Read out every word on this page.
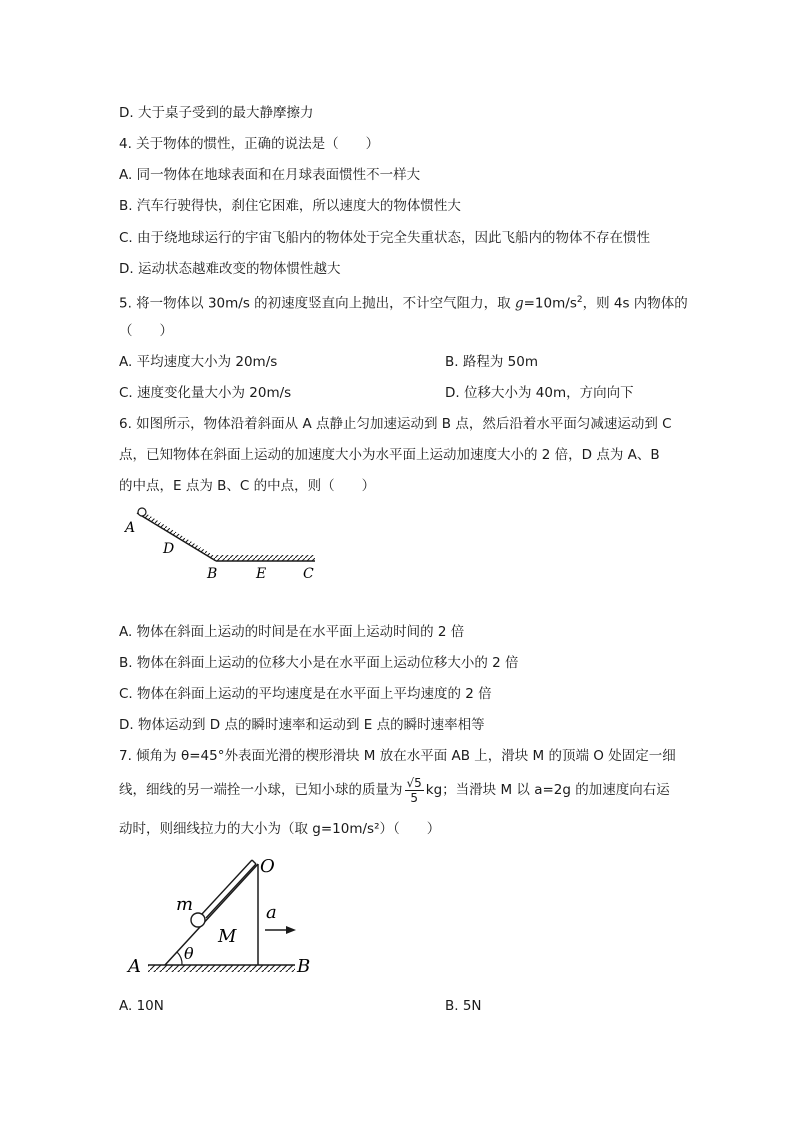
D. 大于桌子受到的最大静摩擦力
4. 关于物体的惯性，正确的说法是（　　）
A. 同一物体在地球表面和在月球表面惯性不一样大
B. 汽车行驶得快，刹住它困难，所以速度大的物体惯性大
C. 由于绕地球运行的宇宙飞船内的物体处于完全失重状态，因此飞船内的物体不存在惯性
D. 运动状态越难改变的物体惯性越大
5. 将一物体以 30m/s 的初速度竖直向上抛出，不计空气阻力，取 $g=10m/s^2$，则 4s 内物体的
（　　）
A. 平均速度大小为 20m/s	B. 路程为 50m
C. 速度变化量大小为 20m/s	D. 位移大小为 40m，方向向下
6. 如图所示，物体沿着斜面从 A 点静止匀加速运动到 B 点，然后沿着水平面匀减速运动到 C
点，已知物体在斜面上运动的加速度大小为水平面上运动加速度大小的 2 倍，D 点为 A、B
的中点，E 点为 B、C 的中点，则（　　）
A
D
B	E	C
A. 物体在斜面上运动的时间是在水平面上运动时间的 2 倍
B. 物体在斜面上运动的位移大小是在水平面上运动位移大小的 2 倍
C. 物体在斜面上运动的平均速度是在水平面上平均速度的 2 倍
D. 物体运动到 D 点的瞬时速率和运动到 E 点的瞬时速率相等
7. 倾角为 θ=45°外表面光滑的楔形滑块 M 放在水平面 AB 上，滑块 M 的顶端 O 处固定一细
线，细线的另一端拴一小球，已知小球的质量为 $\frac{√5}{5}$ kg；当滑块 M 以 a=2g 的加速度向右运
动时，则细线拉力的大小为（取 g=10m/s²）（　　）
O
m	a
M
θ
A	B
A. 10N	B. 5N
